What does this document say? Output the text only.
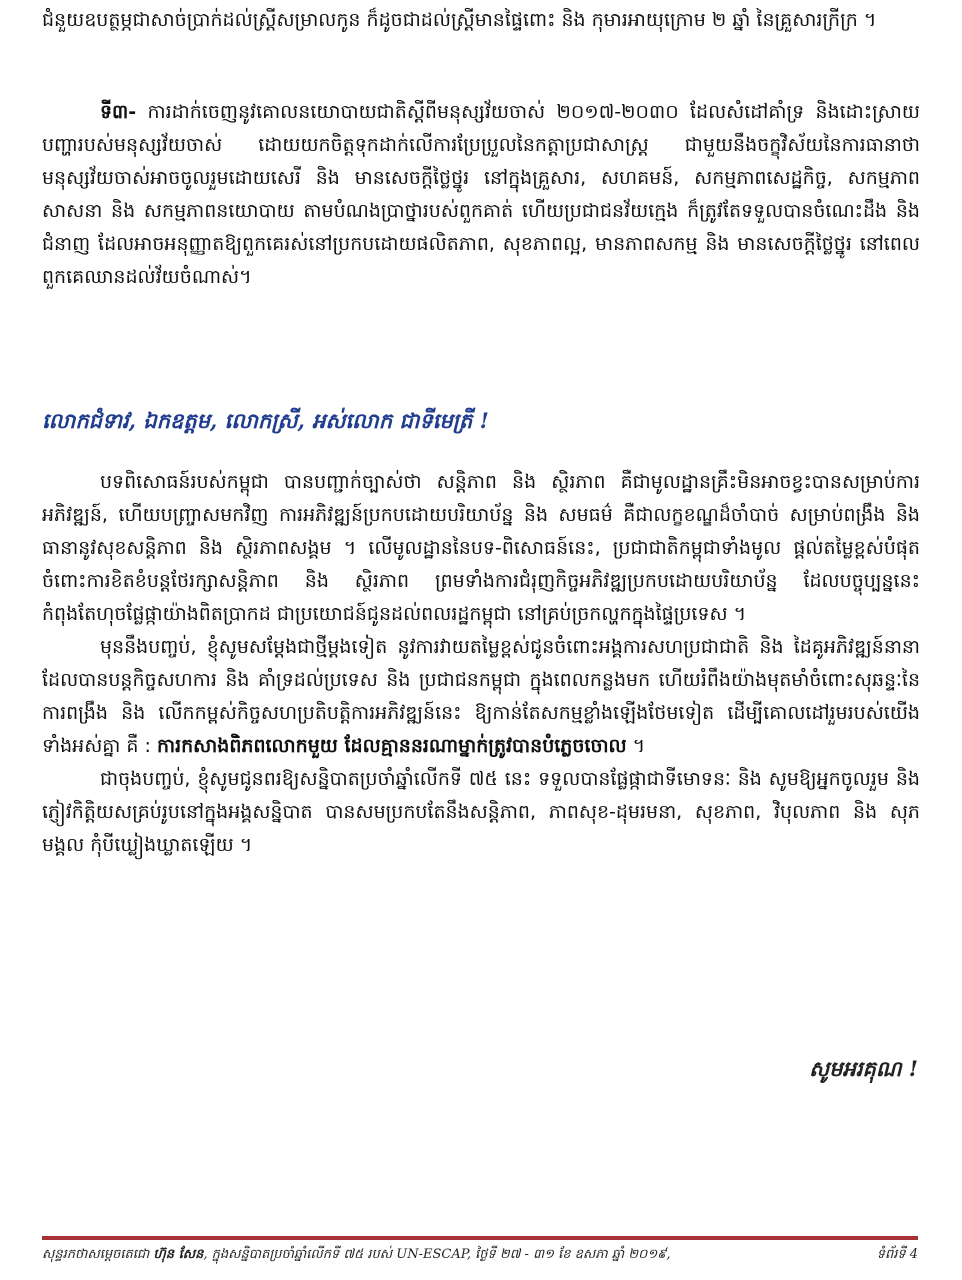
ជំនួយឧបត្ថម្ភជាសាច់ប្រាក់ដល់ស្ត្រីសម្រាលកូន ក៏ដូចជាដល់ស្ត្រីមានផ្ទៃពោះ និង កុមារអាយុក្រោម ២ ឆ្នាំ នៃគ្រួសារក្រីក្រ ។

ទី៣- ការដាក់ចេញនូវគោលនយោបាយជាតិស្តីពីមនុស្សវ័យចាស់ ២០១៧-២០៣០ ដែលសំដៅគាំទ្រ និងដោះស្រាយបញ្ហារបស់មនុស្សវ័យចាស់ ដោយយកចិត្តទុកដាក់លើការប្រែប្រួលនៃកត្តាប្រជាសាស្ត្រ ជាមួយនឹងចក្ខុវិស័យនៃការធានាថា មនុស្សវ័យចាស់អាចចូលរួមដោយសេរី និង មានសេចក្តីថ្លៃថ្នូរ នៅក្នុងគ្រួសារ, សហគមន៍, សកម្មភាពសេដ្ឋកិច្ច, សកម្មភាពសាសនា និង សកម្មភាពនយោបាយ តាមបំណងប្រាថ្នារបស់ពួកគាត់ ហើយប្រជាជនវ័យក្មេង ក៏ត្រូវតែទទួលបានចំណេះដឹង និង ជំនាញ ដែលអាចអនុញ្ញាតឱ្យពួកគេរស់នៅប្រកបដោយផលិតភាព, សុខភាពល្អ, មានភាពសកម្ម និង មានសេចក្តីថ្លៃថ្នូរ នៅពេលពួកគេឈានដល់វ័យចំណាស់។

លោកជំទាវ, ឯកឧត្តម, លោកស្រី, អស់លោក ជាទីមេត្រី !

បទពិសោធន៍របស់កម្ពុជា បានបញ្ជាក់ច្បាស់ថា សន្តិភាព និង ស្ថិរភាព គឺជាមូលដ្ឋានគ្រឹះមិនអាចខ្វះបានសម្រាប់ការអភិវឌ្ឍន៍, ហើយបញ្ច្រាសមកវិញ ការអភិវឌ្ឍន៍ប្រកបដោយបរិយាប័ន្ន និង សមធម៌ គឺជាលក្ខខណ្ឌដ៏ចាំបាច់ សម្រាប់ពង្រឹង និង ធានានូវសុខសន្តិភាព និង ស្ថិរភាពសង្គម ។ លើមូលដ្ឋាននៃបទ-ពិសោធន៍នេះ, ប្រជាជាតិកម្ពុជាទាំងមូល ផ្តល់តម្លៃខ្ពស់បំផុតចំពោះការខិតខំបន្តថែរក្សាសន្តិភាព និង ស្ថិរភាព ព្រមទាំងការជំរុញកិច្ចអភិវឌ្ឍប្រកបដោយបរិយាប័ន្ន ដែលបច្ចុប្បន្ននេះ កំពុងតែហុចផ្លែផ្កាយ៉ាងពិតប្រាកដ ជាប្រយោជន៍ជូនដល់ពលរដ្ឋកម្ពុជា នៅគ្រប់ច្រកល្ហកក្នុងផ្ទៃប្រទេស ។

មុននឹងបញ្ចប់, ខ្ញុំសូមសម្តែងជាថ្មីម្តងទៀត នូវការវាយតម្លៃខ្ពស់ជូនចំពោះអង្គការសហប្រជាជាតិ និង ដៃគូអភិវឌ្ឍន៍នានា ដែលបានបន្តកិច្ចសហការ និង គាំទ្រដល់ប្រទេស និង ប្រជាជនកម្ពុជា ក្នុងពេលកន្លងមក ហើយរំពឹងយ៉ាងមុតមាំចំពោះសុឆន្ទៈនៃការពង្រឹង និង លើកកម្ពស់កិច្ចសហប្រតិបត្តិការអភិវឌ្ឍន៍នេះ ឱ្យកាន់តែសកម្មខ្លាំងឡើងថែមទៀត ដើម្បីគោលដៅរួមរបស់យើងទាំងអស់គ្នា គឺ : ការកសាងពិភពលោកមួយ ដែលគ្មាននរណាម្នាក់ត្រូវបានបំភ្លេចចោល ។

ជាចុងបញ្ចប់, ខ្ញុំសូមជូនពរឱ្យសន្និបាតប្រចាំឆ្នាំលើកទី ៧៥ នេះ ទទួលបានផ្លែផ្កាជាទីមោទនៈ និង សូមឱ្យអ្នកចូលរួម និង ភ្ញៀវកិត្តិយសគ្រប់រូបនៅក្នុងអង្គសន្និបាត បានសមប្រកបតែនឹងសន្តិភាព, ភាពសុខ-ដុមរមនា, សុខភាព, វិបុលភាព និង សុភមង្គល កុំបីឃ្លៀងឃ្លាតឡើយ ។

សូមអរគុណ !
សុន្ទរកថាសម្តេចតេជោ ហ៊ុន សែន, ក្នុងសន្និបាតប្រចាំឆ្នាំលើកទី ៧៥ របស់ UN-ESCAP, ថ្ងៃទី ២៧ - ៣១ ខែ ឧសភា ឆ្នាំ ២០១៩,	ទំព័រទី 4
